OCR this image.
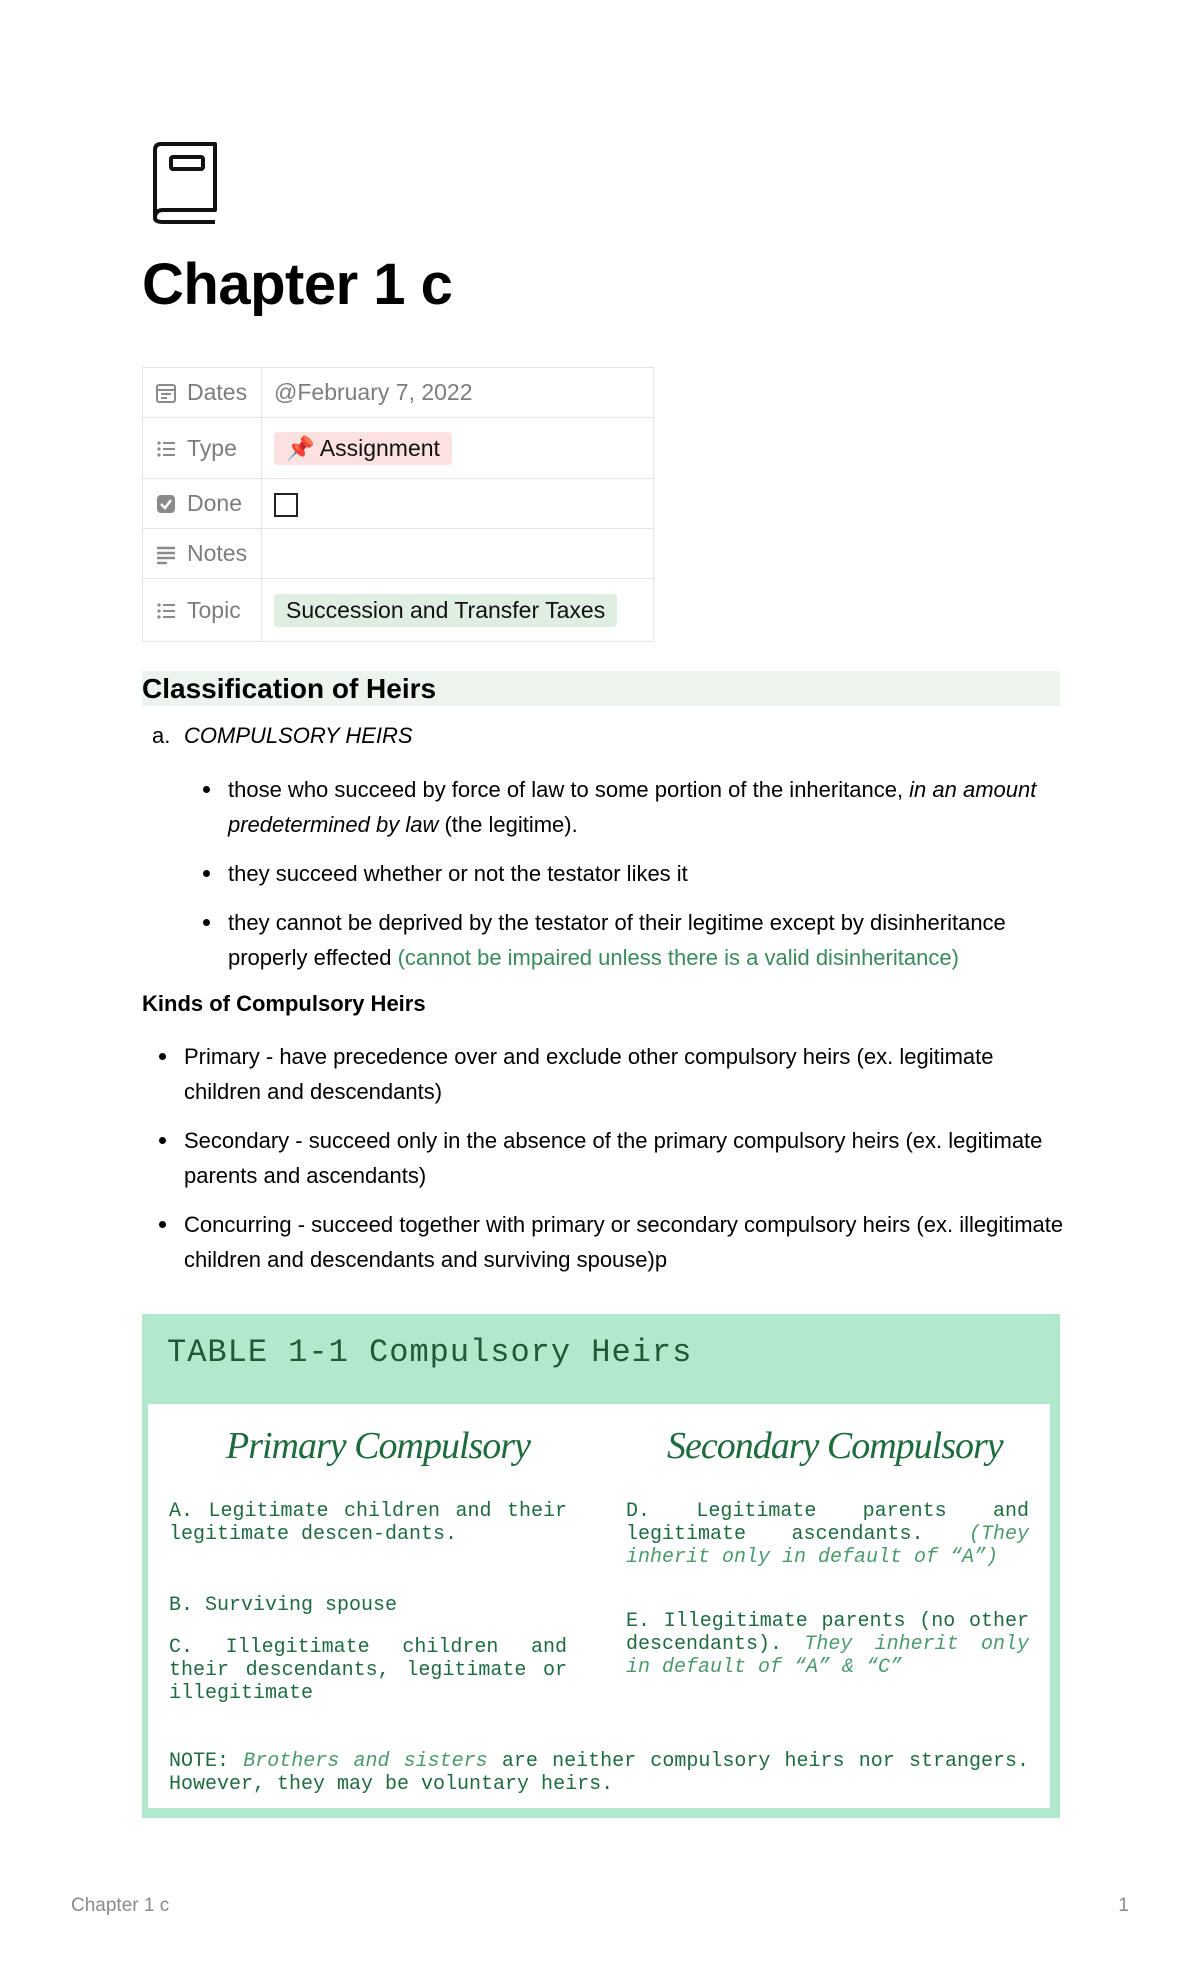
Chapter 1 c
Dates	@February 7, 2022
Type	📌 Assignment
Done	
Notes	
Topic	Succession and Transfer Taxes
Classification of Heirs
a. COMPULSORY HEIRS
those who succeed by force of law to some portion of the inheritance, in an amount predetermined by law (the legitime).
they succeed whether or not the testator likes it
they cannot be deprived by the testator of their legitime except by disinheritance properly effected (cannot be impaired unless there is a valid disinheritance)
Kinds of Compulsory Heirs
Primary - have precedence over and exclude other compulsory heirs (ex. legitimate children and descendants)
Secondary - succeed only in the absence of the primary compulsory heirs (ex. legitimate parents and ascendants)
Concurring - succeed together with primary or secondary compulsory heirs (ex. illegitimate children and descendants and surviving spouse)p
TABLE 1-1 Compulsory Heirs
Primary Compulsory	Secondary Compulsory

A. Legitimate children and their legitimate descen-dants.

B. Surviving spouse

C. Illegitimate children and their descendants, legitimate or illegitimate

D. Legitimate parents and legitimate ascendants. (They inherit only in default of “A”)

E. Illegitimate parents (no other descendants). They inherit only in default of “A” & “C”

NOTE: Brothers and sisters are neither compulsory heirs nor strangers. However, they may be voluntary heirs.

Chapter 1 c	1
